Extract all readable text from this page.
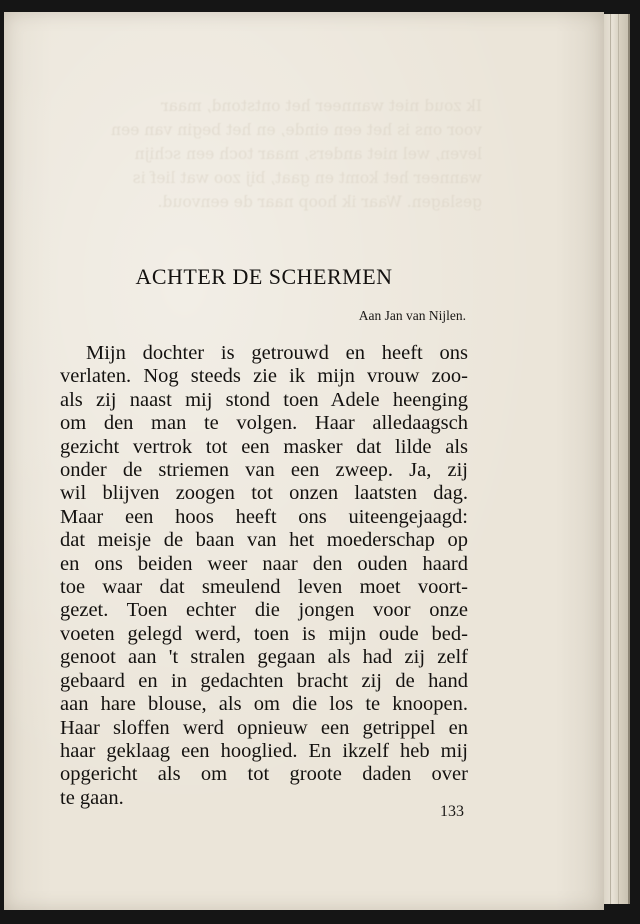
Ik zoud niet wanneer het ontstond, maar

voor ons is het een einde, en het begin van een

leven, wel niet anders, maar toch een schijn

wanneer het komt en gaat, bij zoo wat lief is

geslagen. Waar ik hoop naar de eenvoud.

ACHTER DE SCHERMEN
Aan Jan van Nijlen.
Mijn dochter is getrouwd en heeft ons
verlaten. Nog steeds zie ik mijn vrouw zoo-
als zij naast mij stond toen Adele heenging
om den man te volgen. Haar alledaagsch
gezicht vertrok tot een masker dat lilde als
onder de striemen van een zweep. Ja, zij
wil blijven zoogen tot onzen laatsten dag.
Maar een hoos heeft ons uiteengejaagd:
dat meisje de baan van het moederschap op
en ons beiden weer naar den ouden haard
toe waar dat smeulend leven moet voort-
gezet. Toen echter die jongen voor onze
voeten gelegd werd, toen is mijn oude bed-
genoot aan 't stralen gegaan als had zij zelf
gebaard en in gedachten bracht zij de hand
aan hare blouse, als om die los te knoopen.
Haar sloffen werd opnieuw een getrippel en
haar geklaag een hooglied. En ikzelf heb mij
opgericht als om tot groote daden over
te gaan.
133
